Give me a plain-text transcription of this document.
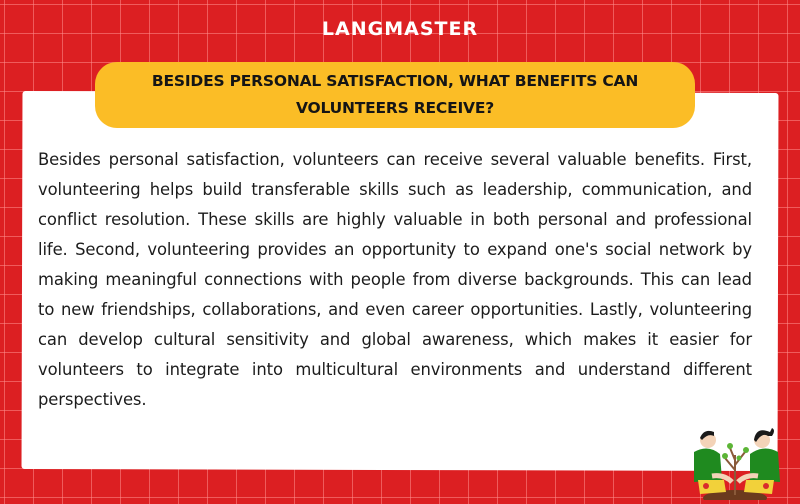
LANGMASTER
BESIDES PERSONAL SATISFACTION, WHAT BENEFITS CAN VOLUNTEERS RECEIVE?

Besides personal satisfaction, volunteers can receive several valuable benefits. First, volunteering helps build transferable skills such as leadership, communication, and conflict resolution. These skills are highly valuable in both personal and professional life. Second, volunteering provides an opportunity to expand one's social network by making meaningful connections with people from diverse backgrounds. This can lead to new friendships, collaborations, and even career opportunities. Lastly, volunteering can develop cultural sensitivity and global awareness, which makes it easier for volunteers to integrate into multicultural environments and understand different perspectives.
